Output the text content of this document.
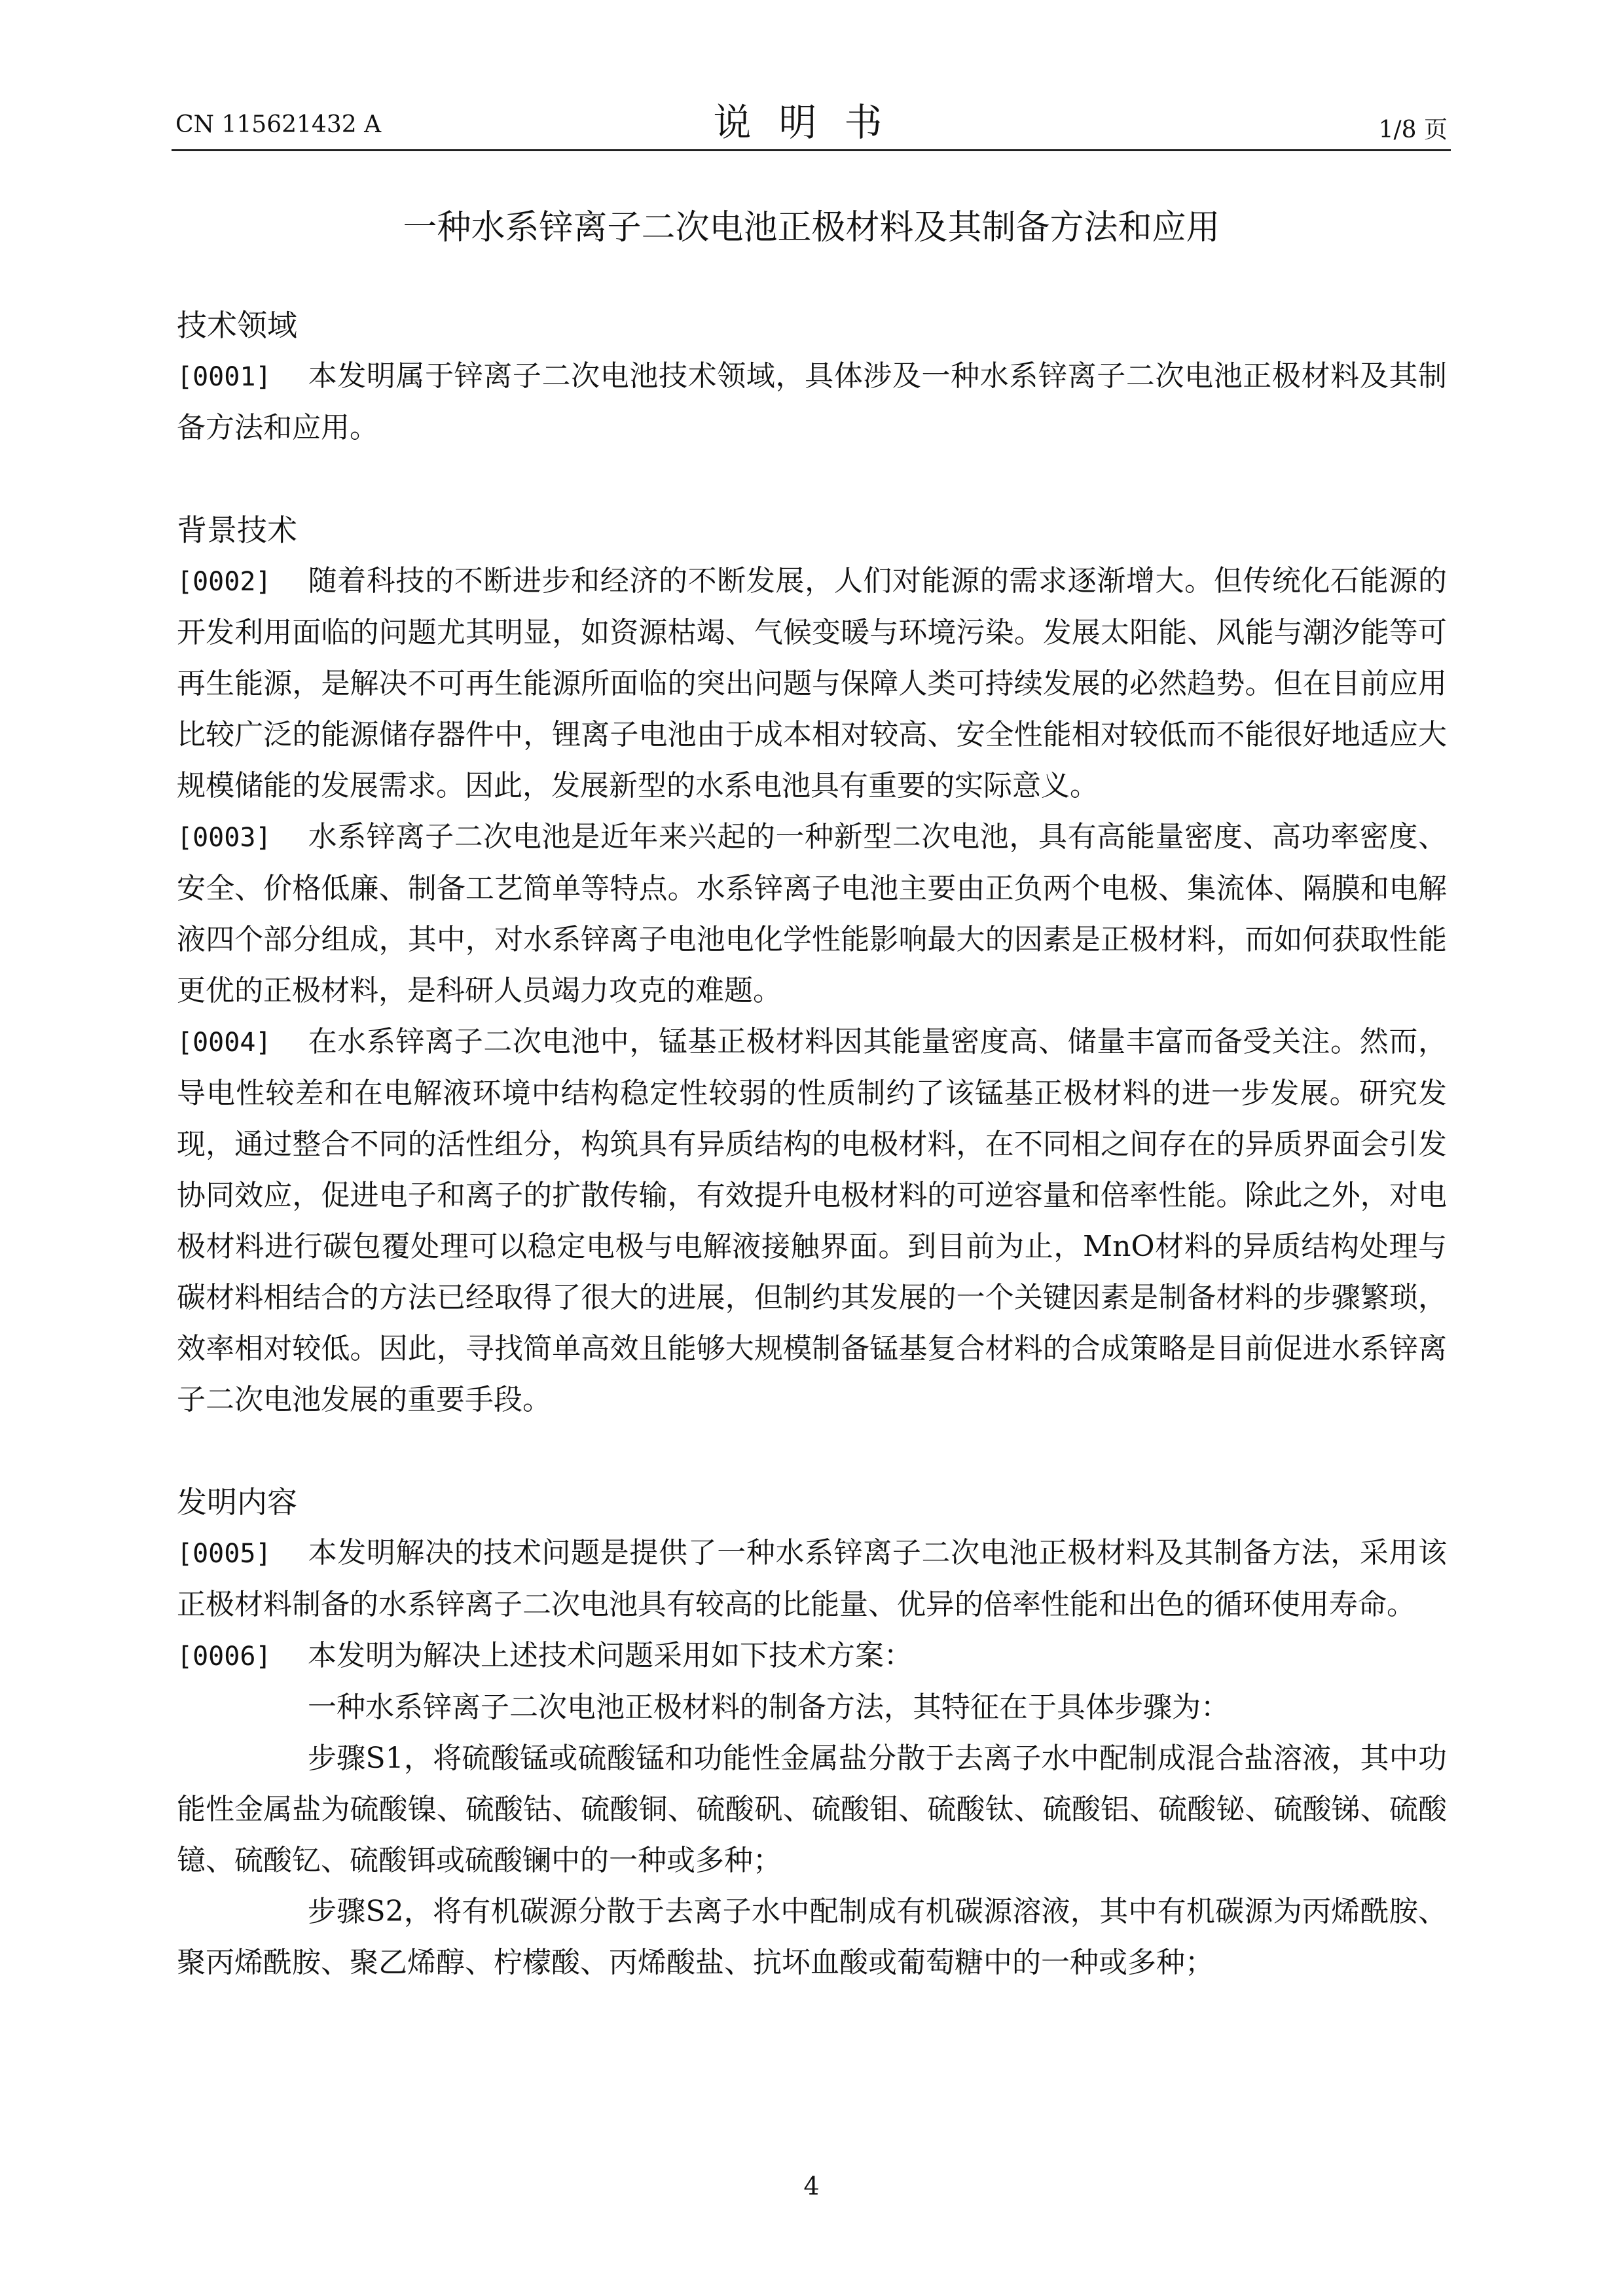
CN 115621432 A	说明书	1/8 页
一种水系锌离子二次电池正极材料及其制备方法和应用
技术领域
[0001] 本发明属于锌离子二次电池技术领域，具体涉及一种水系锌离子二次电池正极材料及其制备方法和应用。
背景技术
[0002] 随着科技的不断进步和经济的不断发展，人们对能源的需求逐渐增大。但传统化石能源的开发利用面临的问题尤其明显，如资源枯竭、气候变暖与环境污染。发展太阳能、风能与潮汐能等可再生能源，是解决不可再生能源所面临的突出问题与保障人类可持续发展的必然趋势。但在目前应用比较广泛的能源储存器件中，锂离子电池由于成本相对较高、安全性能相对较低而不能很好地适应大规模储能的发展需求。因此，发展新型的水系电池具有重要的实际意义。
[0003] 水系锌离子二次电池是近年来兴起的一种新型二次电池，具有高能量密度、高功率密度、安全、价格低廉、制备工艺简单等特点。水系锌离子电池主要由正负两个电极、集流体、隔膜和电解液四个部分组成，其中，对水系锌离子电池电化学性能影响最大的因素是正极材料，而如何获取性能更优的正极材料，是科研人员竭力攻克的难题。
[0004] 在水系锌离子二次电池中，锰基正极材料因其能量密度高、储量丰富而备受关注。然而，导电性较差和在电解液环境中结构稳定性较弱的性质制约了该锰基正极材料的进一步发展。研究发现，通过整合不同的活性组分，构筑具有异质结构的电极材料，在不同相之间存在的异质界面会引发协同效应，促进电子和离子的扩散传输，有效提升电极材料的可逆容量和倍率性能。除此之外，对电极材料进行碳包覆处理可以稳定电极与电解液接触界面。到目前为止，MnO材料的异质结构处理与碳材料相结合的方法已经取得了很大的进展，但制约其发展的一个关键因素是制备材料的步骤繁琐，效率相对较低。因此，寻找简单高效且能够大规模制备锰基复合材料的合成策略是目前促进水系锌离子二次电池发展的重要手段。
发明内容
[0005] 本发明解决的技术问题是提供了一种水系锌离子二次电池正极材料及其制备方法，采用该正极材料制备的水系锌离子二次电池具有较高的比能量、优异的倍率性能和出色的循环使用寿命。
[0006] 本发明为解决上述技术问题采用如下技术方案：
一种水系锌离子二次电池正极材料的制备方法，其特征在于具体步骤为：
步骤S1，将硫酸锰或硫酸锰和功能性金属盐分散于去离子水中配制成混合盐溶液，其中功能性金属盐为硫酸镍、硫酸钴、硫酸铜、硫酸矾、硫酸钼、硫酸钛、硫酸铝、硫酸铋、硫酸锑、硫酸镱、硫酸钇、硫酸铒或硫酸镧中的一种或多种；
步骤S2，将有机碳源分散于去离子水中配制成有机碳源溶液，其中有机碳源为丙烯酰胺、聚丙烯酰胺、聚乙烯醇、柠檬酸、丙烯酸盐、抗坏血酸或葡萄糖中的一种或多种；
4
